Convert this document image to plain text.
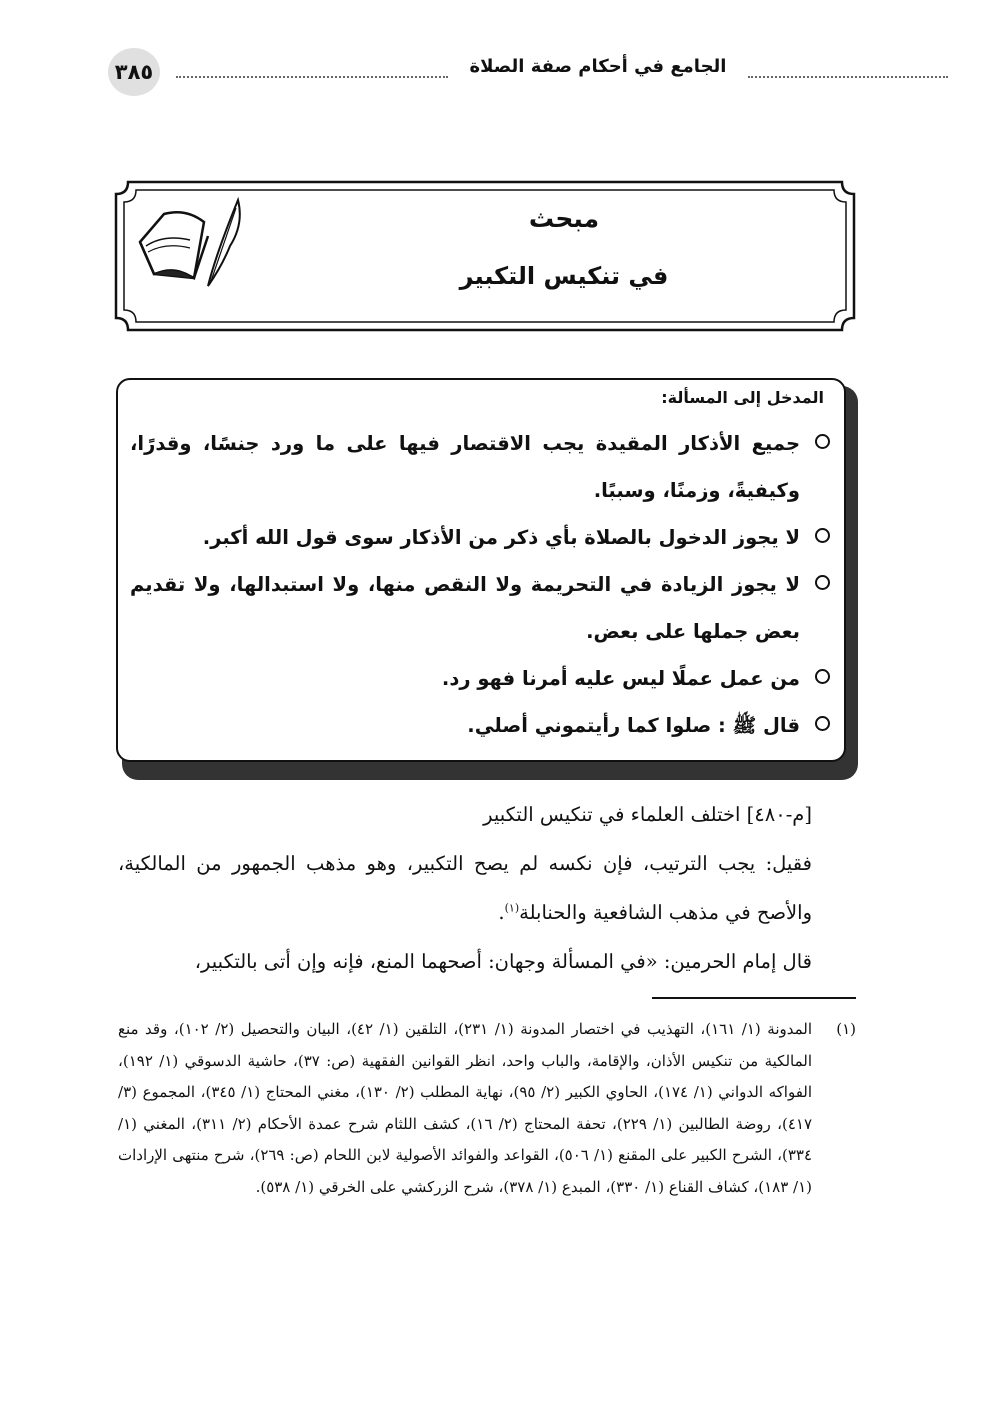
٣٨٥	الجامع في أحكام صفة الصلاة
مبحث
في تنكيس التكبير
المدخل إلى المسألة:
جميع الأذكار المقيدة يجب الاقتصار فيها على ما ورد جنسًا، وقدرًا، وكيفيةً، وزمنًا، وسببًا.
لا يجوز الدخول بالصلاة بأي ذكر من الأذكار سوى قول الله أكبر.
لا يجوز الزيادة في التحريمة ولا النقص منها، ولا استبدالها، ولا تقديم بعض جملها على بعض.
من عمل عملًا ليس عليه أمرنا فهو رد.
قال ﷺ : صلوا كما رأيتموني أصلي.

[م-٤٨٠] اختلف العلماء في تنكيس التكبير

فقيل: يجب الترتيب، فإن نكسه لم يصح التكبير، وهو مذهب الجمهور من المالكية، والأصح في مذهب الشافعية والحنابلة$^{(١)}$.

قال إمام الحرمين: «في المسألة وجهان: أصحهما المنع، فإنه وإن أتى بالتكبير،

(١)
المدونة (١/ ١٦١)، التهذيب في اختصار المدونة (١/ ٢٣١)، التلقين (١/ ٤٢)، البيان والتحصيل (٢/ ١٠٢)، وقد منع المالكية من تنكيس الأذان، والإقامة، والباب واحد، انظر القوانين الفقهية (ص: ٣٧)، حاشية الدسوقي (١/ ١٩٢)، الفواكه الدواني (١/ ١٧٤)، الحاوي الكبير (٢/ ٩٥)، نهاية المطلب (٢/ ١٣٠)، مغني المحتاج (١/ ٣٤٥)، المجموع (٣/ ٤١٧)، روضة الطالبين (١/ ٢٢٩)، تحفة المحتاج (٢/ ١٦)، كشف اللثام شرح عمدة الأحكام (٢/ ٣١١)، المغني (١/ ٣٣٤)، الشرح الكبير على المقنع (١/ ٥٠٦)، القواعد والفوائد الأصولية لابن اللحام (ص: ٢٦٩)، شرح منتهى الإرادات (١/ ١٨٣)، كشاف القناع (١/ ٣٣٠)، المبدع (١/ ٣٧٨)، شرح الزركشي على الخرقي (١/ ٥٣٨).
